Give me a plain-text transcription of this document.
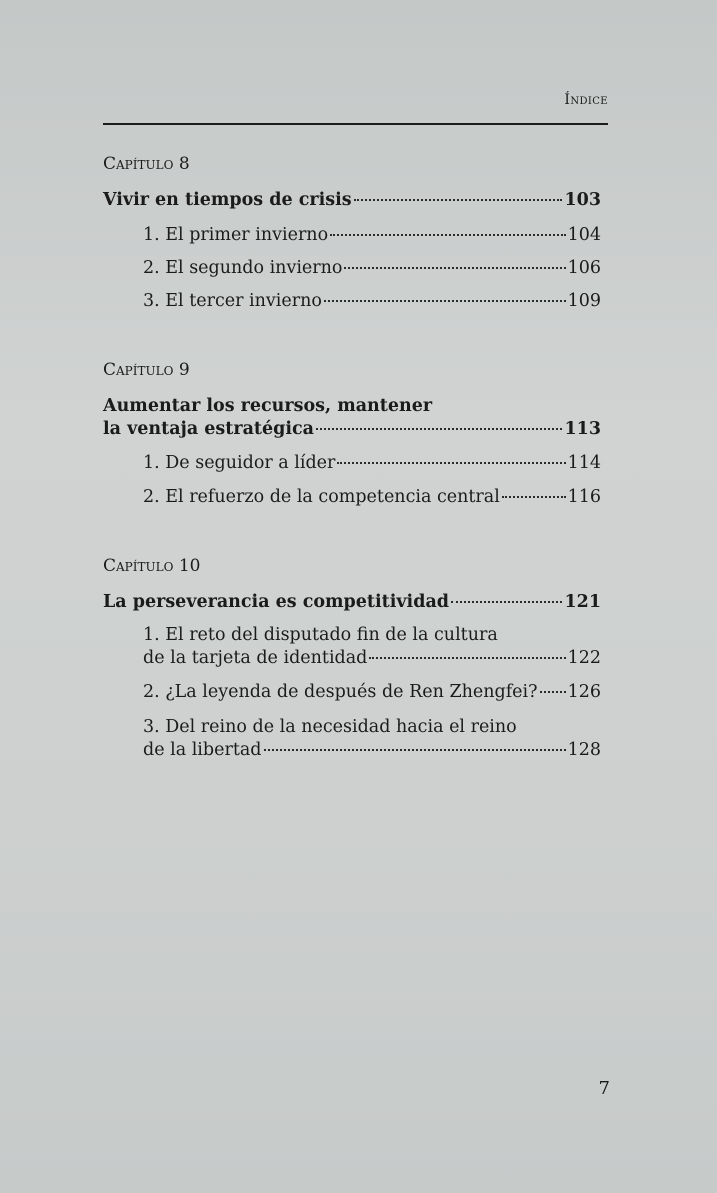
Índice
Capítulo 8
Vivir en tiempos de crisis	103
1. El primer invierno	104
2. El segundo invierno	106
3. El tercer invierno	109
Capítulo 9
Aumentar los recursos, mantener
la ventaja estratégica	113
1. De seguidor a líder	114
2. El refuerzo de la competencia central	116
Capítulo 10
La perseverancia es competitividad	121
1. El reto del disputado fin de la cultura
de la tarjeta de identidad	122
2. ¿La leyenda de después de Ren Zhengfei? 126
3. Del reino de la necesidad hacia el reino
de la libertad	128
7
